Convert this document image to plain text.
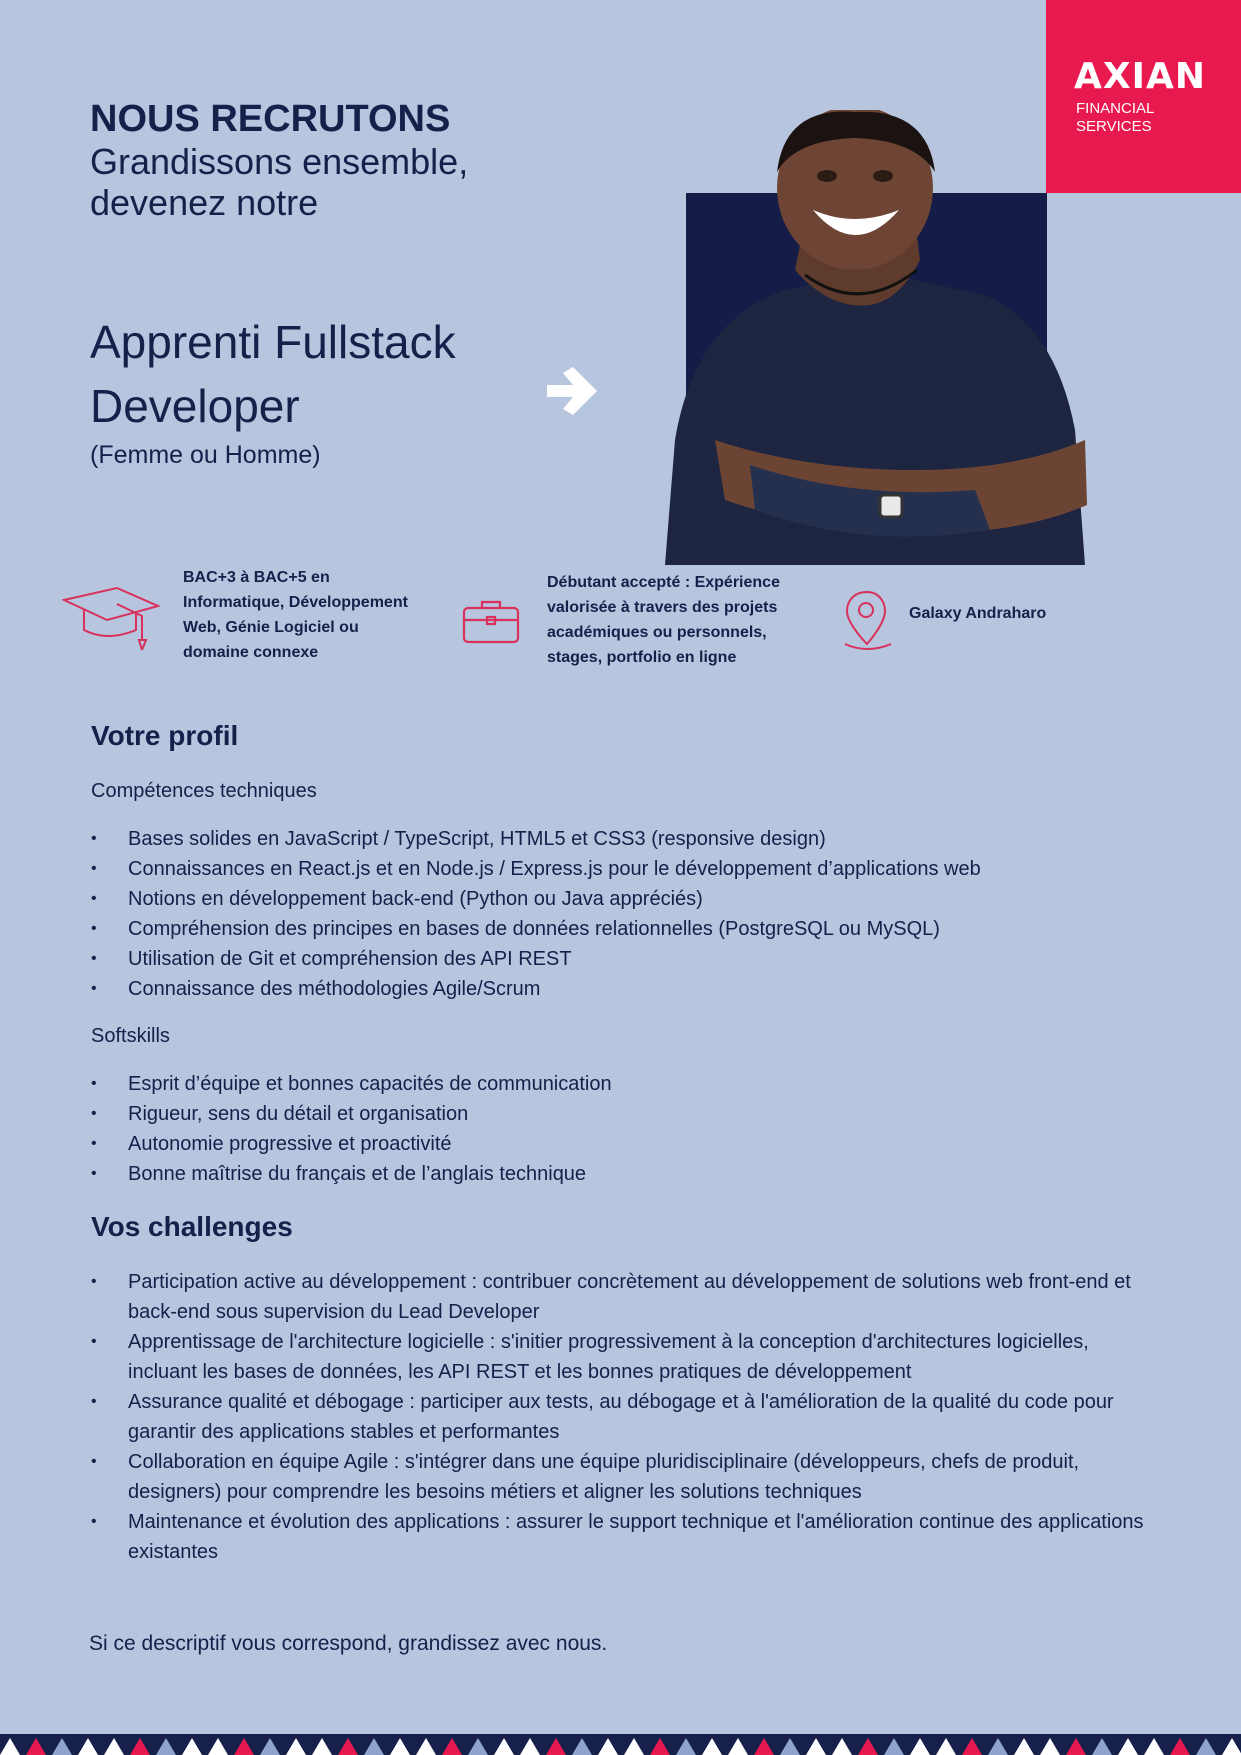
AXIAN
FINANCIAL
SERVICES
NOUS RECRUTONS
Grandissons ensemble,
devenez notre
Apprenti Fullstack
Developer
(Femme ou Homme)
BAC+3 à BAC+5 en Informatique, Développement Web, Génie Logiciel ou domaine connexe
Débutant accepté : Expérience valorisée à travers des projets académiques ou personnels, stages, portfolio en ligne
Galaxy Andraharo
Votre profil
Compétences techniques
• Bases solides en JavaScript / TypeScript, HTML5 et CSS3 (responsive design)
• Connaissances en React.js et en Node.js / Express.js pour le développement d’applications web
• Notions en développement back-end (Python ou Java appréciés)
• Compréhension des principes en bases de données relationnelles (PostgreSQL ou MySQL)
• Utilisation de Git et compréhension des API REST
• Connaissance des méthodologies Agile/Scrum
Softskills
• Esprit d’équipe et bonnes capacités de communication
• Rigueur, sens du détail et organisation
• Autonomie progressive et proactivité
• Bonne maîtrise du français et de l’anglais technique
Vos challenges
• Participation active au développement : contribuer concrètement au développement de solutions web front-end et back-end sous supervision du Lead Developer
• Apprentissage de l'architecture logicielle : s'initier progressivement à la conception d'architectures logicielles, incluant les bases de données, les API REST et les bonnes pratiques de développement
• Assurance qualité et débogage : participer aux tests, au débogage et à l'amélioration de la qualité du code pour garantir des applications stables et performantes
• Collaboration en équipe Agile : s'intégrer dans une équipe pluridisciplinaire (développeurs, chefs de produit, designers) pour comprendre les besoins métiers et aligner les solutions techniques
• Maintenance et évolution des applications : assurer le support technique et l'amélioration continue des applications existantes
Si ce descriptif vous correspond, grandissez avec nous.
